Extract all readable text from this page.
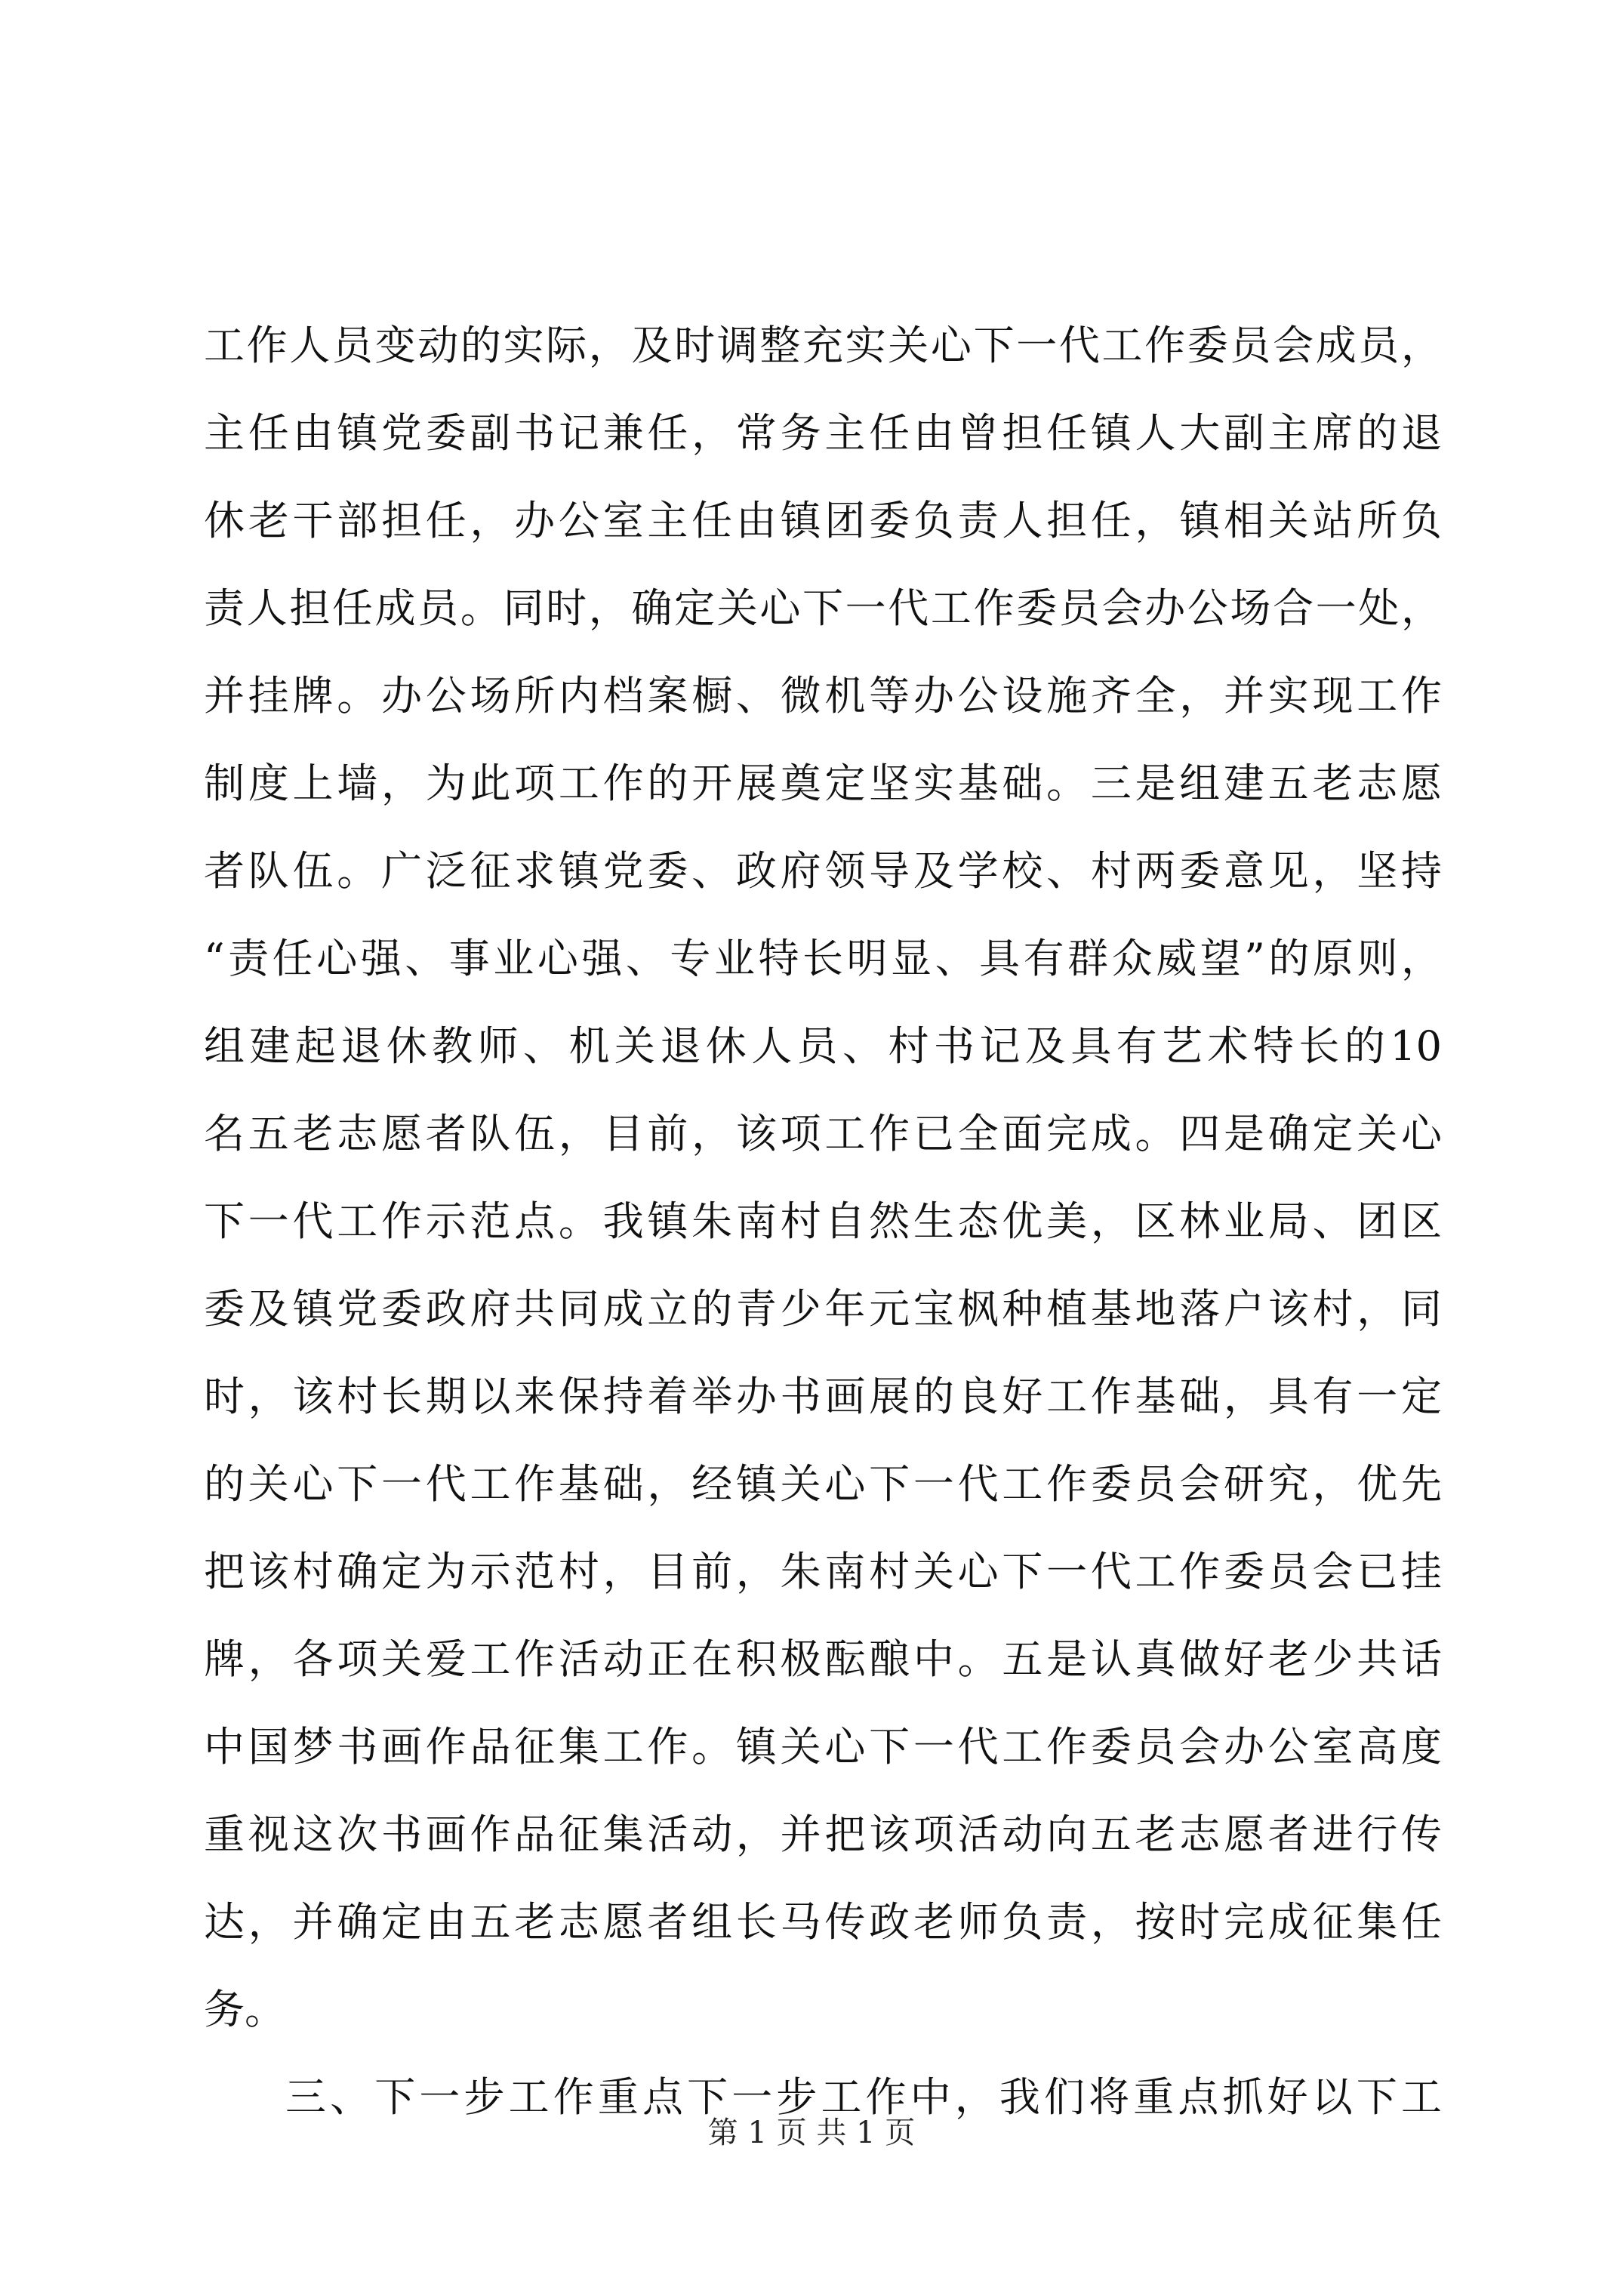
工作人员变动的实际，及时调整充实关心下一代工作委员会成员，
主任由镇党委副书记兼任，常务主任由曾担任镇人大副主席的退
休老干部担任，办公室主任由镇团委负责人担任，镇相关站所负
责人担任成员。同时，确定关心下一代工作委员会办公场合一处，
并挂牌。办公场所内档案橱、微机等办公设施齐全，并实现工作
制度上墙，为此项工作的开展奠定坚实基础。三是组建五老志愿
者队伍。广泛征求镇党委、政府领导及学校、村两委意见，坚持
“责任心强、事业心强、专业特长明显、具有群众威望”的原则，
组建起退休教师、机关退休人员、村书记及具有艺术特长的10
名五老志愿者队伍，目前，该项工作已全面完成。四是确定关心
下一代工作示范点。我镇朱南村自然生态优美，区林业局、团区
委及镇党委政府共同成立的青少年元宝枫种植基地落户该村，同
时，该村长期以来保持着举办书画展的良好工作基础，具有一定
的关心下一代工作基础，经镇关心下一代工作委员会研究，优先
把该村确定为示范村，目前，朱南村关心下一代工作委员会已挂
牌，各项关爱工作活动正在积极酝酿中。五是认真做好老少共话
中国梦书画作品征集工作。镇关心下一代工作委员会办公室高度
重视这次书画作品征集活动，并把该项活动向五老志愿者进行传
达，并确定由五老志愿者组长马传政老师负责，按时完成征集任
务。
三、下一步工作重点下一步工作中，我们将重点抓好以下工
第 1 页 共 1 页
